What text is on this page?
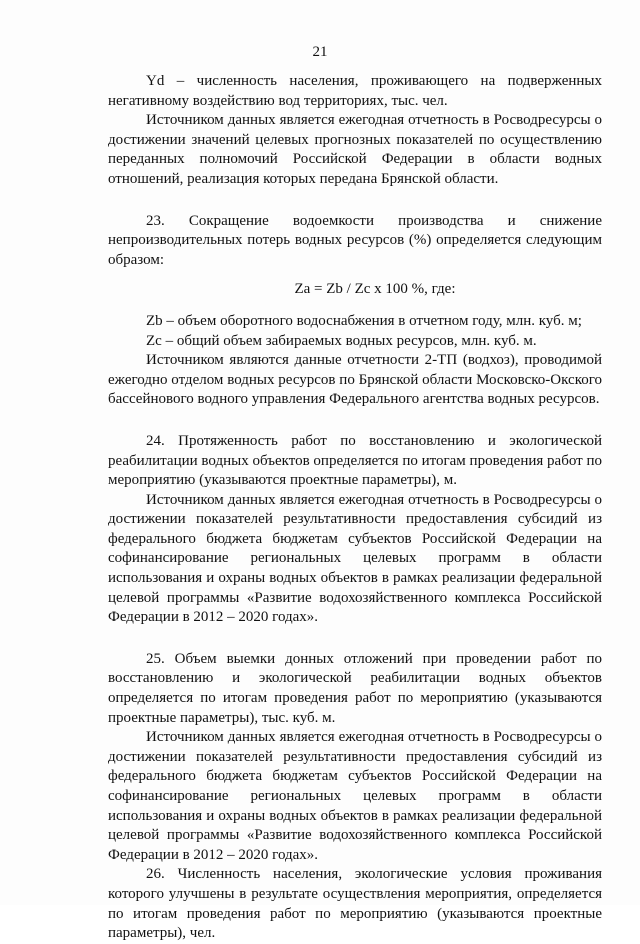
21

Yd – численность населения, проживающего на подверженных негативному воздействию вод территориях, тыс. чел.

Источником данных является ежегодная отчетность в Росводресурсы о достижении значений целевых прогнозных показателей по осуществлению переданных полномочий Российской Федерации в области водных отношений, реализация которых передана Брянской области.

23. Сокращение водоемкости производства и снижение непроизводительных потерь водных ресурсов (%) определяется следующим образом:

Za = Zb / Zc x 100 %, где:

Zb – объем оборотного водоснабжения в отчетном году, млн. куб. м;

Zc – общий объем забираемых водных ресурсов, млн. куб. м.

Источником являются данные отчетности 2-ТП (водхоз), проводимой ежегодно отделом водных ресурсов по Брянской области Московско-Окского бассейнового водного управления Федерального агентства водных ресурсов.

24. Протяженность работ по восстановлению и экологической реабилитации водных объектов определяется по итогам проведения работ по мероприятию (указываются проектные параметры), м.

Источником данных является ежегодная отчетность в Росводресурсы о достижении показателей результативности предоставления субсидий из федерального бюджета бюджетам субъектов Российской Федерации на софинансирование региональных целевых программ в области использования и охраны водных объектов в рамках реализации федеральной целевой программы «Развитие водохозяйственного комплекса Российской Федерации в 2012 – 2020 годах».

25. Объем выемки донных отложений при проведении работ по восстановлению и экологической реабилитации водных объектов определяется по итогам проведения работ по мероприятию (указываются проектные параметры), тыс. куб. м.

Источником данных является ежегодная отчетность в Росводресурсы о достижении показателей результативности предоставления субсидий из федерального бюджета бюджетам субъектов Российской Федерации на софинансирование региональных целевых программ в области использования и охраны водных объектов в рамках реализации федеральной целевой программы «Развитие водохозяйственного комплекса Российской Федерации в 2012 – 2020 годах».

26. Численность населения, экологические условия проживания которого улучшены в результате осуществления мероприятия, определяется по итогам проведения работ по мероприятию (указываются проектные параметры), чел.
